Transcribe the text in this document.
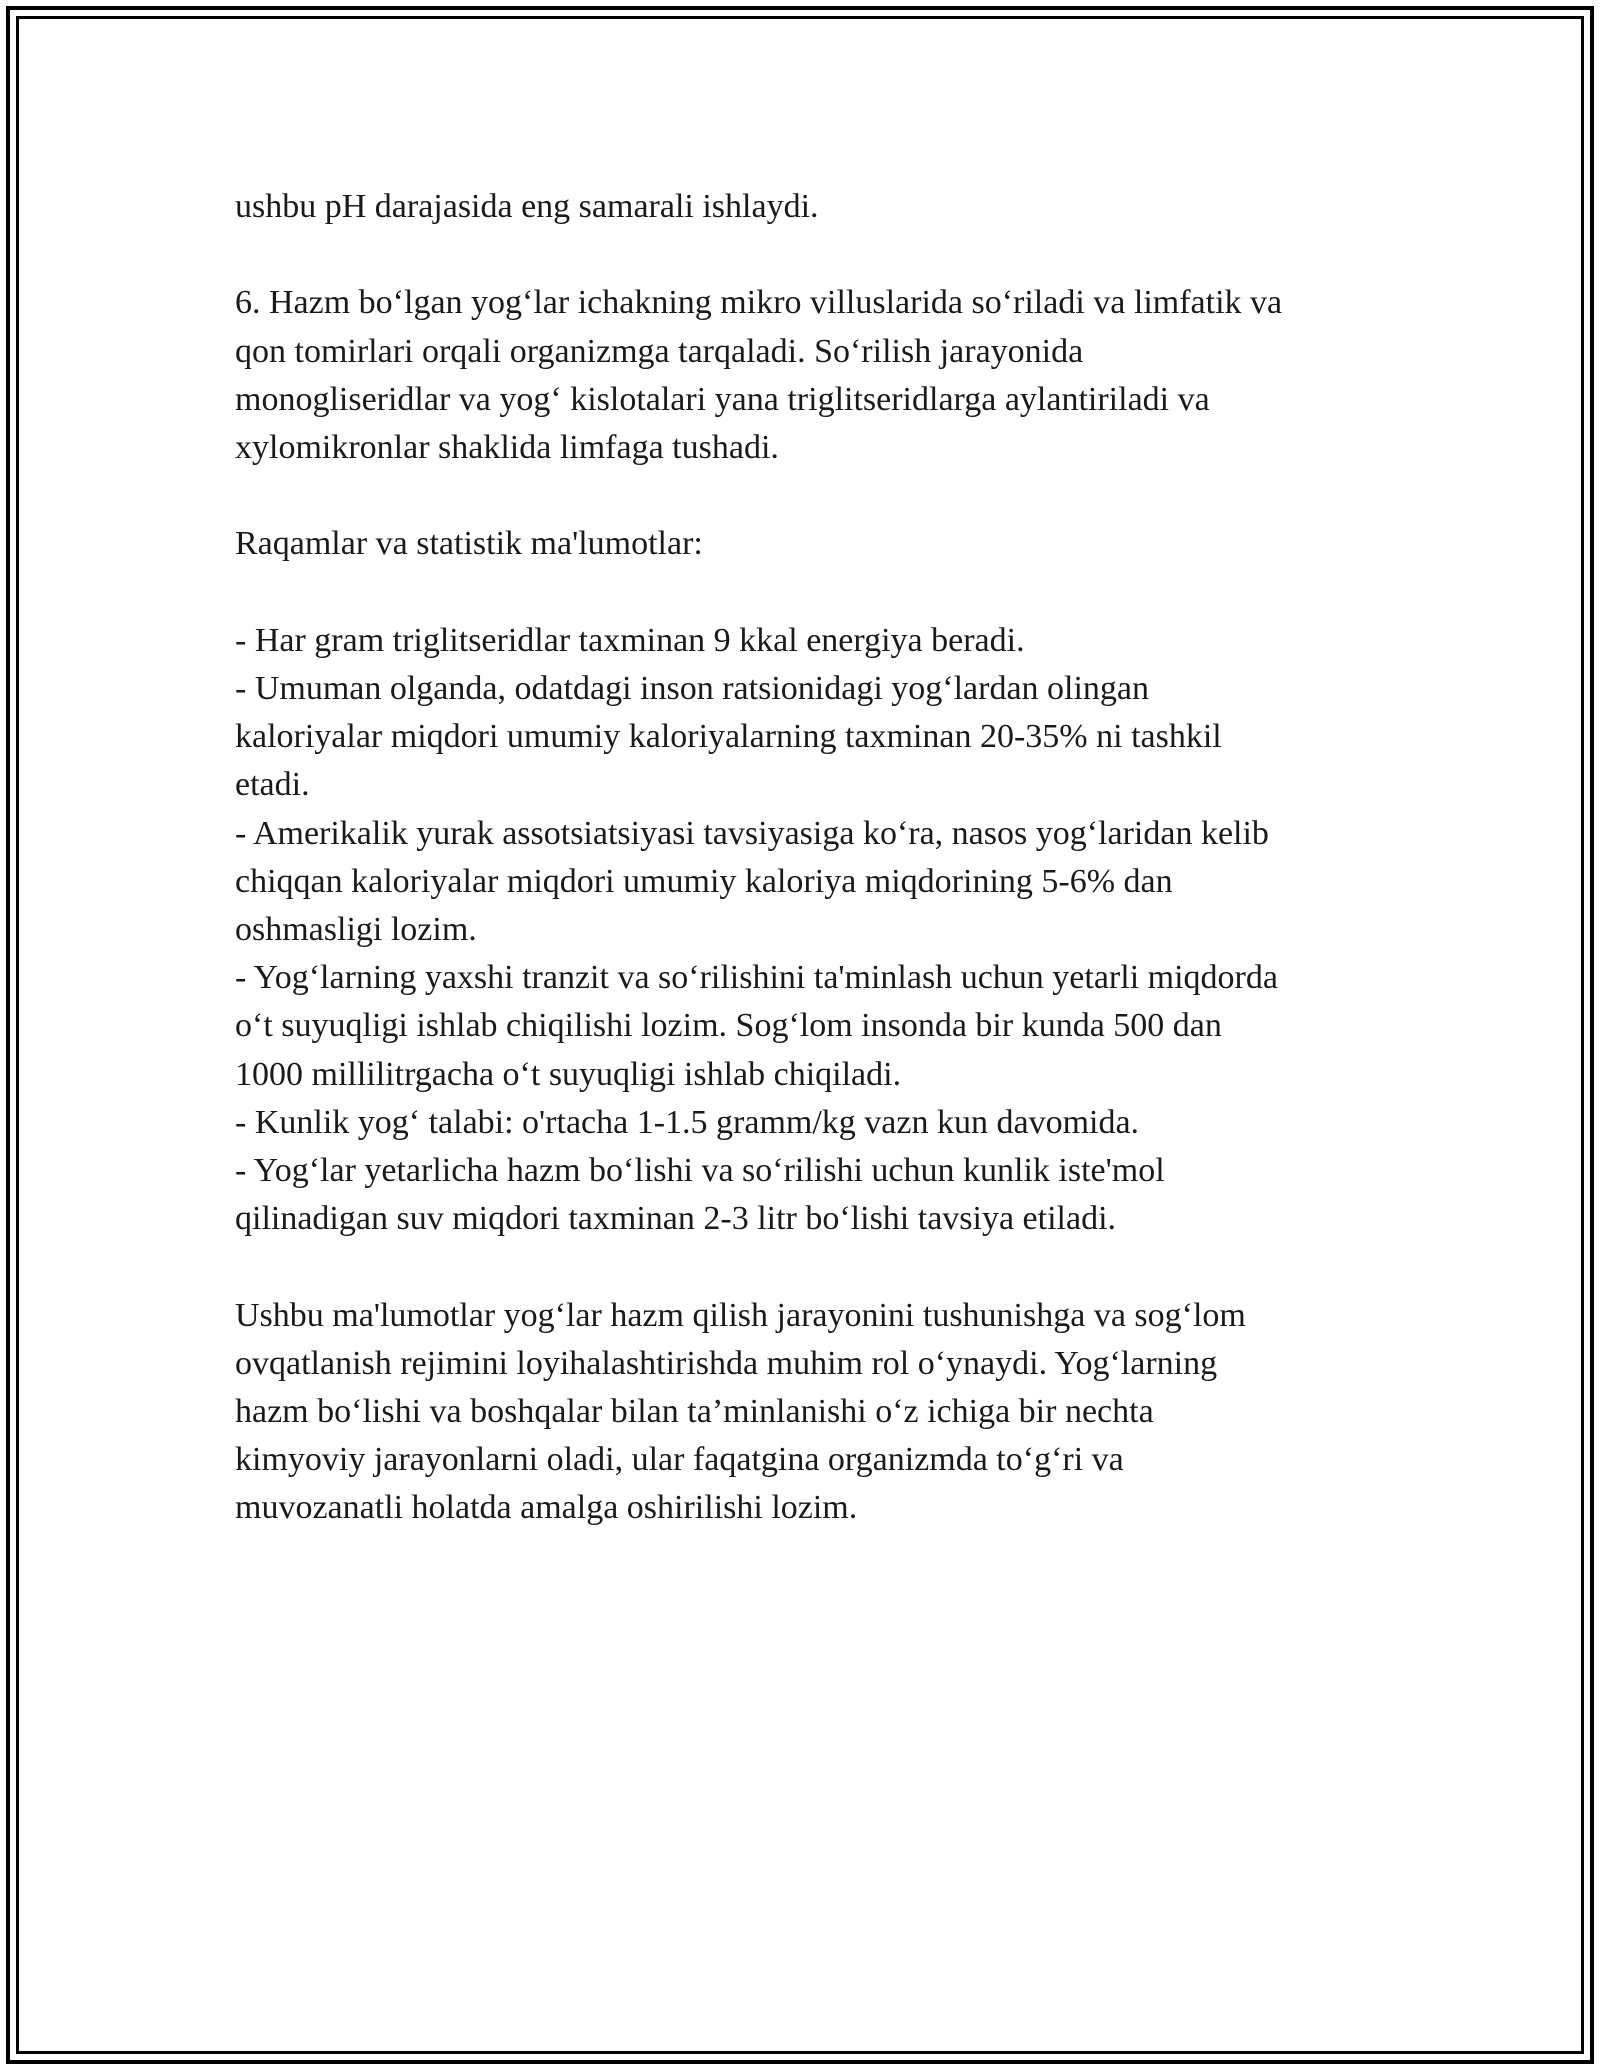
ushbu pH darajasida eng samarali ishlaydi.

6. Hazm bo‘lgan yog‘lar ichakning mikro villuslarida so‘riladi va limfatik va
qon tomirlari orqali organizmga tarqaladi. So‘rilish jarayonida
monogliseridlar va yog‘ kislotalari yana triglitseridlarga aylantiriladi va
xylomikronlar shaklida limfaga tushadi.

Raqamlar va statistik ma'lumotlar:

- Har gram triglitseridlar taxminan 9 kkal energiya beradi.
- Umuman olganda, odatdagi inson ratsionidagi yog‘lardan olingan
kaloriyalar miqdori umumiy kaloriyalarning taxminan 20-35% ni tashkil
etadi.
- Amerikalik yurak assotsiatsiyasi tavsiyasiga ko‘ra, nasos yog‘laridan kelib
chiqqan kaloriyalar miqdori umumiy kaloriya miqdorining 5-6% dan
oshmasligi lozim.
- Yog‘larning yaxshi tranzit va so‘rilishini ta'minlash uchun yetarli miqdorda
o‘t suyuqligi ishlab chiqilishi lozim. Sog‘lom insonda bir kunda 500 dan
1000 millilitrgacha o‘t suyuqligi ishlab chiqiladi.
- Kunlik yog‘ talabi: o'rtacha 1-1.5 gramm/kg vazn kun davomida.
- Yog‘lar yetarlicha hazm bo‘lishi va so‘rilishi uchun kunlik iste'mol
qilinadigan suv miqdori taxminan 2-3 litr bo‘lishi tavsiya etiladi.

Ushbu ma'lumotlar yog‘lar hazm qilish jarayonini tushunishga va sog‘lom
ovqatlanish rejimini loyihalashtirishda muhim rol o‘ynaydi. Yog‘larning
hazm bo‘lishi va boshqalar bilan ta’minlanishi o‘z ichiga bir nechta
kimyoviy jarayonlarni oladi, ular faqatgina organizmda to‘g‘ri va
muvozanatli holatda amalga oshirilishi lozim.
